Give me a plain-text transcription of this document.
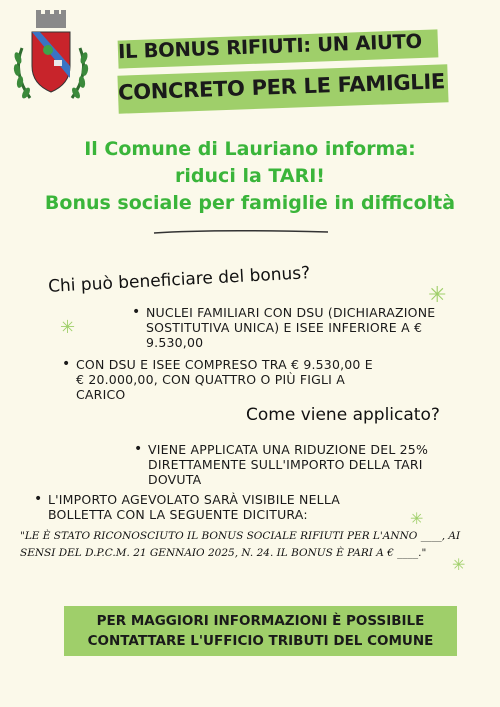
IL BONUS RIFIUTI: UN AIUTO
CONCRETO PER LE FAMIGLIE
Il Comune di Lauriano informa:
riduci la TARI!
Bonus sociale per famiglie in difficoltà
Chi può beneficiare del bonus?	✳
✳
• NUCLEI FAMILIARI CON DSU (DICHIARAZIONE SOSTITUTIVA UNICA) E ISEE INFERIORE A € 9.530,00
• CON DSU E ISEE COMPRESO TRA € 9.530,00 E € 20.000,00, CON QUATTRO O PIÙ FIGLI A CARICO
Come viene applicato?
• VIENE APPLICATA UNA RIDUZIONE DEL 25% DIRETTAMENTE SULL'IMPORTO DELLA TARI DOVUTA
• L'IMPORTO AGEVOLATO SARÀ VISIBILE NELLA BOLLETTA CON LA SEGUENTE DICITURA:
"LE È STATO RICONOSCIUTO IL BONUS SOCIALE RIFIUTI PER L'ANNO ____, AI SENSI DEL D.P.C.M. 21 GENNAIO 2025, N. 24. IL BONUS È PARI A € ____."
✳
✳
PER MAGGIORI INFORMAZIONI È POSSIBILE
CONTATTARE L'UFFICIO TRIBUTI DEL COMUNE
